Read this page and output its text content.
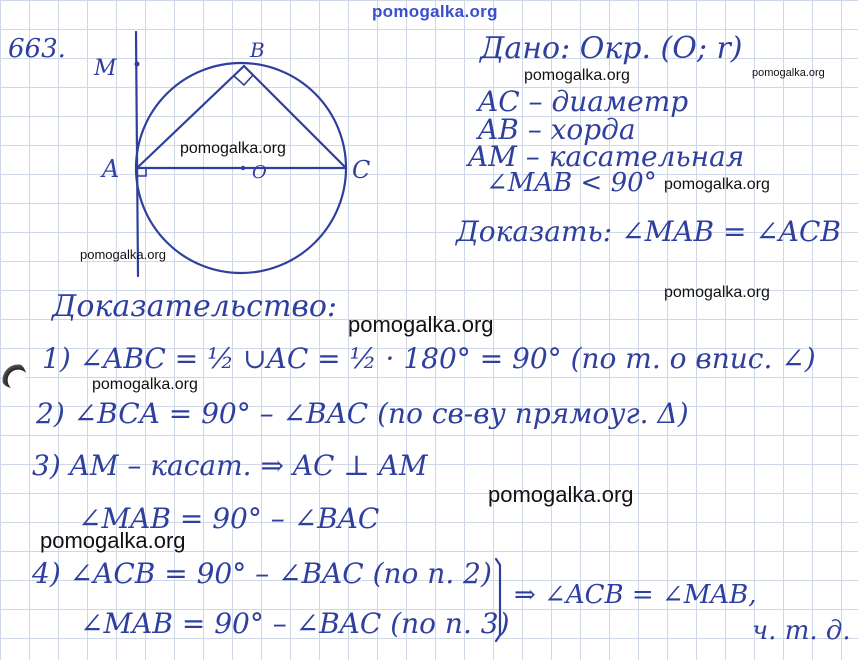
pomogalka.org
663.
M
B
A	C
O
Дано: Окр. (O; r)
AC – диаметр
AB – хорда
AM – касательная
∠MAB < 90°
Доказать: ∠MAB = ∠ACB
Доказательство:
1) ∠ABC = ½ ∪AC = ½ · 180° = 90° (по т. о впис. ∠)
2) ∠BCA = 90° – ∠BAC (по св-ву прямоуг. Δ)
3) AM – касат. ⇒ AC ⊥ AM
∠MAB = 90° – ∠BAC
4) ∠ACB = 90° – ∠BAC (по п. 2)
∠MAB = 90° – ∠BAC (по п. 3)
⇒ ∠ACB = ∠MAB,
ч. т. д.
pomogalka.org	pomogalka.org
pomogalka.org
pomogalka.org
pomogalka.org
pomogalka.org
pomogalka.org
pomogalka.org
pomogalka.org
pomogalka.org
